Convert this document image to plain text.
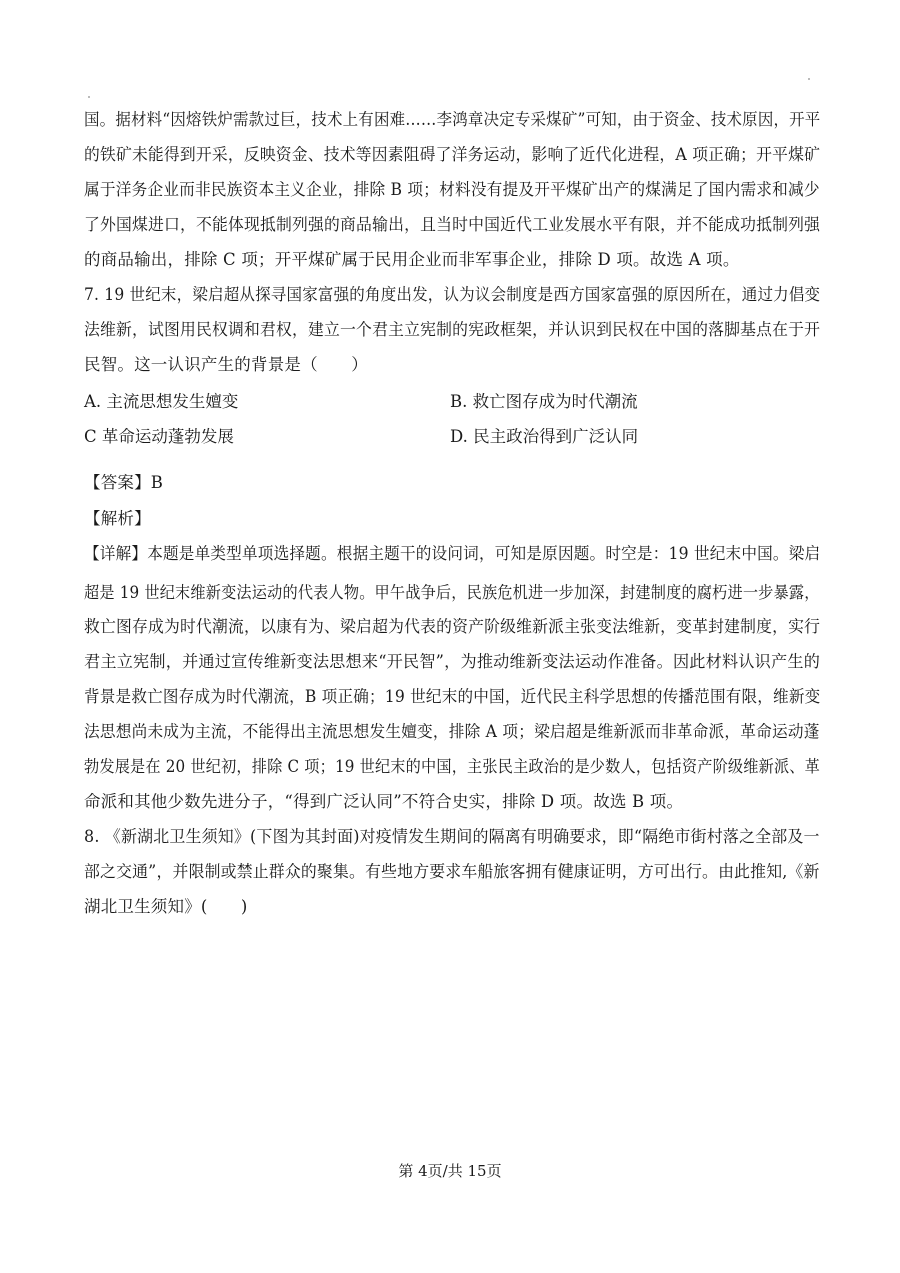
国。据材料“因熔铁炉需款过巨，技术上有困难……李鸿章决定专采煤矿”可知，由于资金、技术原因，开平
的铁矿未能得到开采，反映资金、技术等因素阻碍了洋务运动，影响了近代化进程，A 项正确；开平煤矿
属于洋务企业而非民族资本主义企业，排除 B 项；材料没有提及开平煤矿出产的煤满足了国内需求和减少
了外国煤进口，不能体现抵制列强的商品输出，且当时中国近代工业发展水平有限，并不能成功抵制列强
的商品输出，排除 C 项；开平煤矿属于民用企业而非军事企业，排除 D 项。故选 A 项。
7. 19 世纪末，梁启超从探寻国家富强的角度出发，认为议会制度是西方国家富强的原因所在，通过力倡变
法维新，试图用民权调和君权，建立一个君主立宪制的宪政框架，并认识到民权在中国的落脚基点在于开
民智。这一认识产生的背景是（　　）
A. 主流思想发生嬗变	B. 救亡图存成为时代潮流
C 革命运动蓬勃发展	D. 民主政治得到广泛认同
【答案】B
【解析】
【详解】本题是单类型单项选择题。根据主题干的设问词，可知是原因题。时空是：19 世纪末中国。梁启
超是 19 世纪末维新变法运动的代表人物。甲午战争后，民族危机进一步加深，封建制度的腐朽进一步暴露，
救亡图存成为时代潮流，以康有为、梁启超为代表的资产阶级维新派主张变法维新，变革封建制度，实行
君主立宪制，并通过宣传维新变法思想来“开民智”，为推动维新变法运动作准备。因此材料认识产生的
背景是救亡图存成为时代潮流，B 项正确；19 世纪末的中国，近代民主科学思想的传播范围有限，维新变
法思想尚未成为主流，不能得出主流思想发生嬗变，排除 A 项；梁启超是维新派而非革命派，革命运动蓬
勃发展是在 20 世纪初，排除 C 项；19 世纪末的中国，主张民主政治的是少数人，包括资产阶级维新派、革
命派和其他少数先进分子，“得到广泛认同”不符合史实，排除 D 项。故选 B 项。
8. 《新湖北卫生须知》(下图为其封面)对疫情发生期间的隔离有明确要求，即“隔绝市街村落之全部及一
部之交通”，并限制或禁止群众的聚集。有些地方要求车船旅客拥有健康证明，方可出行。由此推知,《新
湖北卫生须知》(　　)
第 4页/共 15页
